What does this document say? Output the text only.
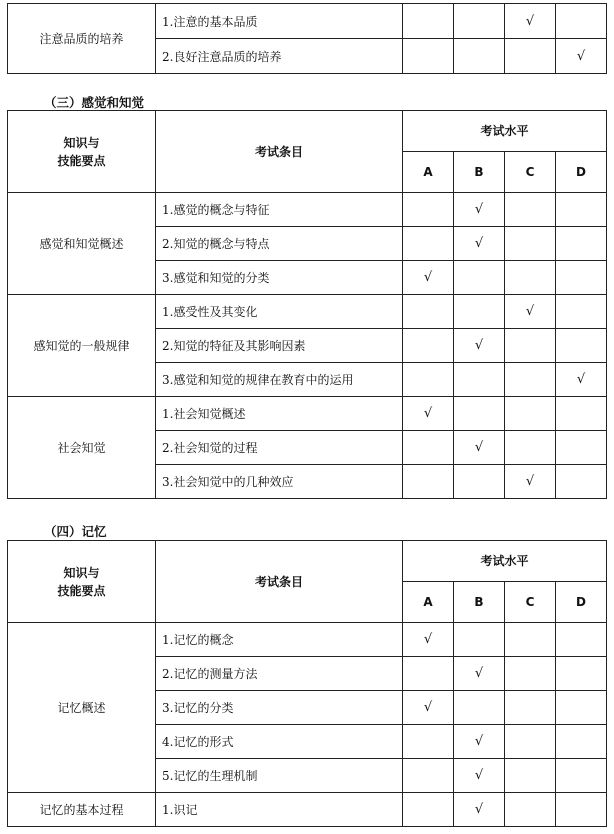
注意品质的培养	1.注意的基本品质			√	
	2.良好注意品质的培养				√
（三）感觉和知觉
知识与
技能要点	考试条目	考试水平			
		A	B	C	D
感觉和知觉概述	1.感觉的概念与特征		√		
	2.知觉的概念与特点		√		
	3.感觉和知觉的分类	√			
感知觉的一般规律	1.感受性及其变化			√	
	2.知觉的特征及其影响因素		√		
	3.感觉和知觉的规律在教育中的运用				√
社会知觉	1.社会知觉概述	√			
	2.社会知觉的过程		√		
	3.社会知觉中的几种效应			√	
（四）记忆
知识与
技能要点	考试条目	考试水平			
		A	B	C	D
记忆概述	1.记忆的概念	√			
	2.记忆的测量方法		√		
	3.记忆的分类	√			
	4.记忆的形式		√		
	5.记忆的生理机制		√		
记忆的基本过程	1.识记		√		
